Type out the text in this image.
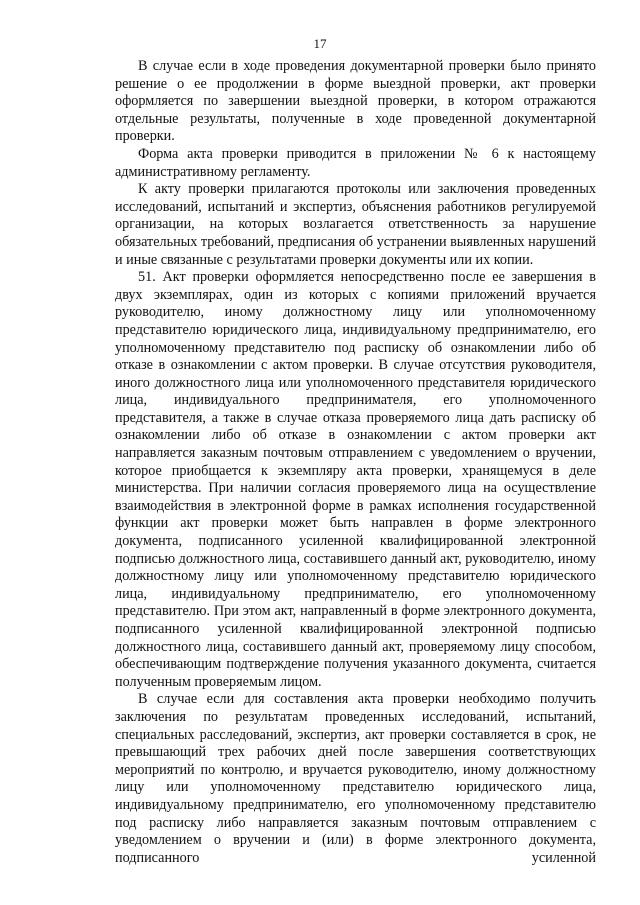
17

В случае если в ходе проведения документарной проверки было принято решение о ее продолжении в форме выездной проверки, акт проверки оформляется по завершении выездной проверки, в котором отражаются отдельные результаты, полученные в ходе проведенной документарной проверки.

Форма акта проверки приводится в приложении № 6 к настоящему административному регламенту.

К акту проверки прилагаются протоколы или заключения проведенных исследований, испытаний и экспертиз, объяснения работников регулируемой организации, на которых возлагается ответственность за нарушение обязательных требований, предписания об устранении выявленных нарушений и иные связанные с результатами проверки документы или их копии.

51. Акт проверки оформляется непосредственно после ее завершения в двух экземплярах, один из которых с копиями приложений вручается руководителю, иному должностному лицу или уполномоченному представителю юридического лица, индивидуальному предпринимателю, его уполномоченному представителю под расписку об ознакомлении либо об отказе в ознакомлении с актом проверки. В случае отсутствия руководителя, иного должностного лица или уполномоченного представителя юридического лица, индивидуального предпринимателя, его уполномоченного представителя, а также в случае отказа проверяемого лица дать расписку об ознакомлении либо об отказе в ознакомлении с актом проверки акт направляется заказным почтовым отправлением с уведомлением о вручении, которое приобщается к экземпляру акта проверки, хранящемуся в деле министерства. При наличии согласия проверяемого лица на осуществление взаимодействия в электронной форме в рамках исполнения государственной функции акт проверки может быть направлен в форме электронного документа, подписанного усиленной квалифицированной электронной подписью должностного лица, составившего данный акт, руководителю, иному должностному лицу или уполномоченному представителю юридического лица, индивидуальному предпринимателю, его уполномоченному представителю. При этом акт, направленный в форме электронного документа, подписанного усиленной квалифицированной электронной подписью должностного лица, составившего данный акт, проверяемому лицу способом, обеспечивающим подтверждение получения указанного документа, считается полученным проверяемым лицом.

В случае если для составления акта проверки необходимо получить заключения по результатам проведенных исследований, испытаний, специальных расследований, экспертиз, акт проверки составляется в срок, не превышающий трех рабочих дней после завершения соответствующих мероприятий по контролю, и вручается руководителю, иному должностному лицу или уполномоченному представителю юридического лица, индивидуальному предпринимателю, его уполномоченному представителю под расписку либо направляется заказным почтовым отправлением с уведомлением о вручении и (или) в форме электронного документа, подписанного усиленной
